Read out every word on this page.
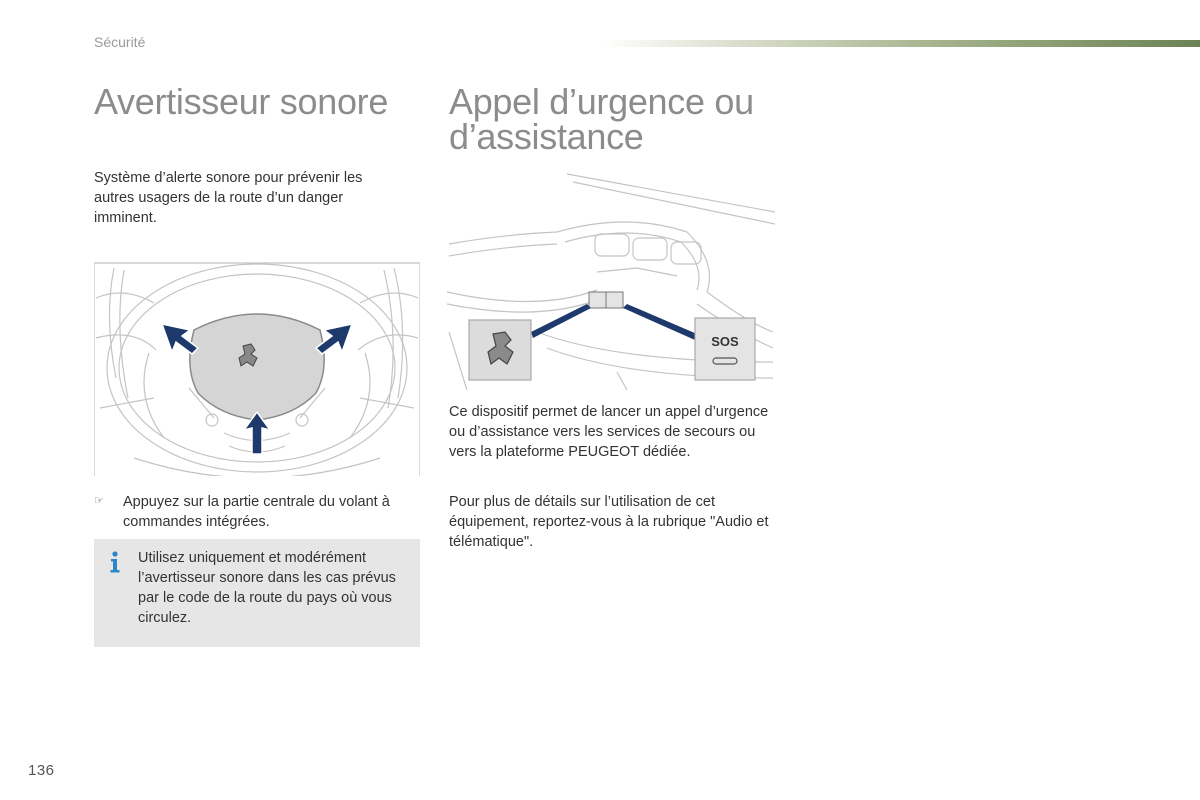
Sécurité
Avertisseur sonore

Système d’alerte sonore pour prévenir les autres usagers de la route d’un danger imminent.

☞ Appuyez sur la partie centrale du volant à commandes intégrées.

Utilisez uniquement et modérément l’avertisseur sonore dans les cas prévus par le code de la route du pays où vous circulez.

Appel d’urgence ou
d’assistance
SOS

Ce dispositif permet de lancer un appel d’urgence ou d’assistance vers les services de secours ou vers la plateforme PEUGEOT dédiée.

Pour plus de détails sur l’utilisation de cet équipement, reportez-vous à la rubrique "Audio et télématique".

136
